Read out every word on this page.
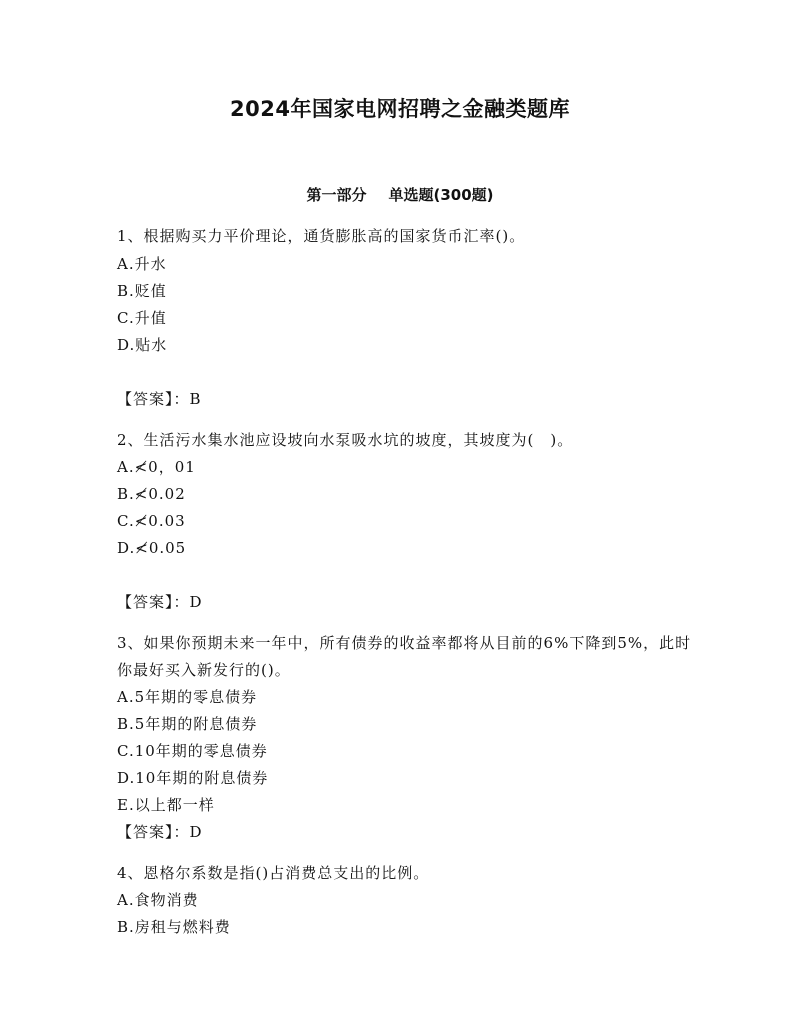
2024年国家电网招聘之金融类题库
第一部分 单选题(300题)
1、根据购买力平价理论，通货膨胀高的国家货币汇率()。
A.升水
B.贬值
C.升值
D.贴水
【答案】：B
2、生活污水集水池应设坡向水泵吸水坑的坡度，其坡度为(　)。
A.≮0，01
B.≮0.02
C.≮0.03
D.≮0.05
【答案】：D
3、如果你预期未来一年中，所有债券的收益率都将从目前的6%下降到5%，此时你最好买入新发行的()。
A.5年期的零息债券
B.5年期的附息债券
C.10年期的零息债券
D.10年期的附息债券
E.以上都一样
【答案】：D
4、恩格尔系数是指()占消费总支出的比例。
A.食物消费
B.房租与燃料费
